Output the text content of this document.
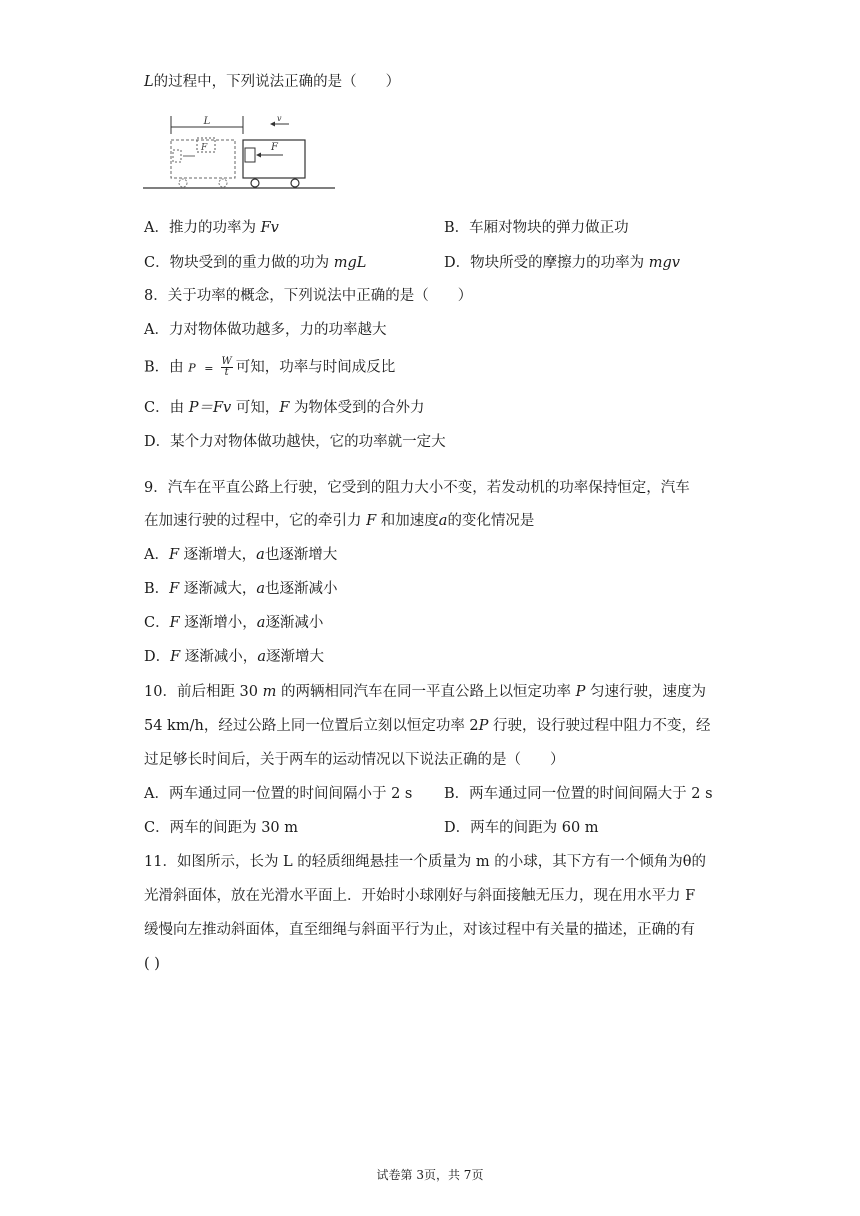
L的过程中，下列说法正确的是（　　）
L
F	F
v
A．推力的功率为 Fv	B．车厢对物块的弹力做正功
C．物块受到的重力做的功为 mgL	D．物块所受的摩擦力的功率为 mgv
8．关于功率的概念，下列说法中正确的是（　　）
A．力对物体做功越多，力的功率越大
B．由 $P = \frac{W}{t}$ 可知，功率与时间成反比
C．由 P＝Fv 可知，F 为物体受到的合外力
D．某个力对物体做功越快，它的功率就一定大
9．汽车在平直公路上行驶，它受到的阻力大小不变，若发动机的功率保持恒定，汽车
在加速行驶的过程中，它的牵引力 F 和加速度a的变化情况是
A．F 逐渐增大，a也逐渐增大
B．F 逐渐减大，a也逐渐减小
C．F 逐渐增小，a逐渐减小
D．F 逐渐减小，a逐渐增大
10．前后相距 30 m 的两辆相同汽车在同一平直公路上以恒定功率 P 匀速行驶，速度为
54 km/h，经过公路上同一位置后立刻以恒定功率 2P 行驶，设行驶过程中阻力不变，经
过足够长时间后，关于两车的运动情况以下说法正确的是（　　）
A．两车通过同一位置的时间间隔小于 2 s B．两车通过同一位置的时间间隔大于 2 s
C．两车的间距为 30 m	D．两车的间距为 60 m
11．如图所示，长为 L 的轻质细绳悬挂一个质量为 m 的小球，其下方有一个倾角为θ的
光滑斜面体，放在光滑水平面上．开始时小球刚好与斜面接触无压力，现在用水平力 F
缓慢向左推动斜面体，直至细绳与斜面平行为止，对该过程中有关量的描述，正确的有
( )
试卷第 3页，共 7页
